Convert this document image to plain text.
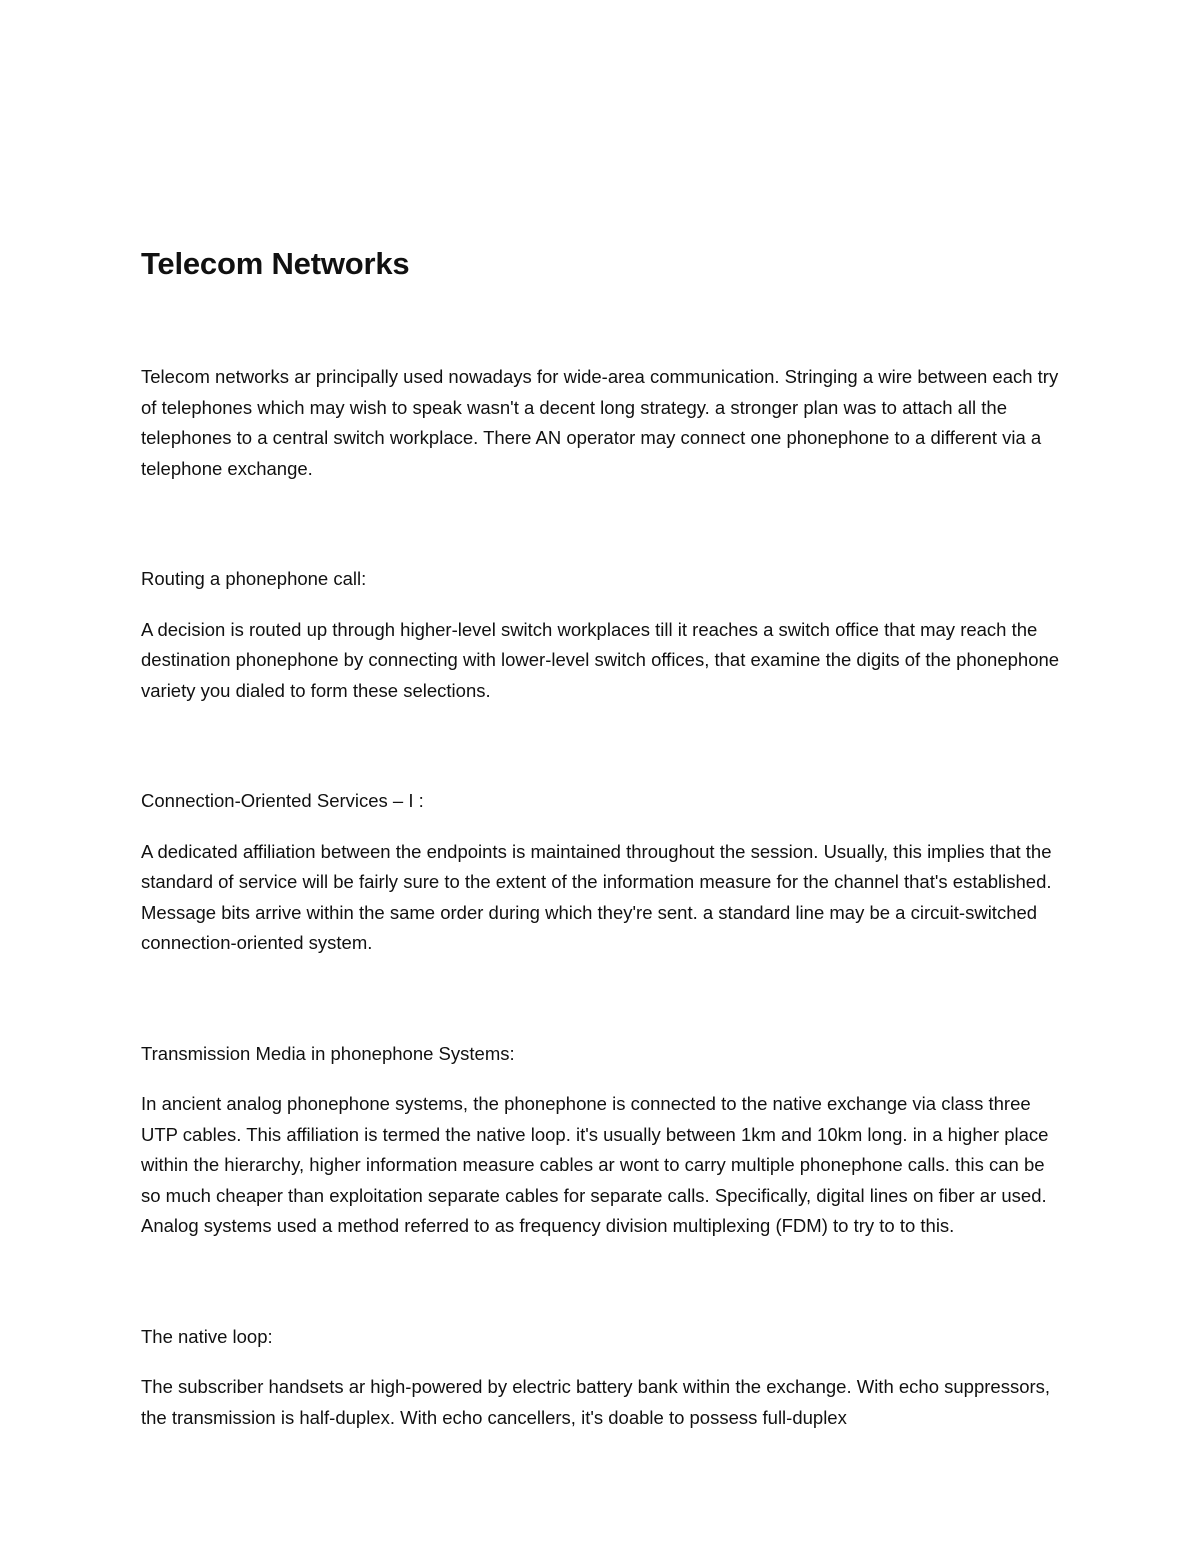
Telecom Networks

Telecom networks ar principally used nowadays for wide-area communication. Stringing a wire between each try of telephones which may wish to speak wasn't a decent long strategy. a stronger plan was to attach all the telephones to a central switch workplace. There AN operator may connect one phonephone to a different via a telephone exchange.

Routing a phonephone call:

A decision is routed up through higher-level switch workplaces till it reaches a switch office that may reach the destination phonephone by connecting with lower-level switch offices, that examine the digits of the phonephone variety you dialed to form these selections.

Connection-Oriented Services – I :

A dedicated affiliation between the endpoints is maintained throughout the session. Usually, this implies that the standard of service will be fairly sure to the extent of the information measure for the channel that's established. Message bits arrive within the same order during which they're sent. a standard line may be a circuit-switched connection-oriented system.

Transmission Media in phonephone Systems:

In ancient analog phonephone systems, the phonephone is connected to the native exchange via class three UTP cables. This affiliation is termed the native loop. it's usually between 1km and 10km long. in a higher place within the hierarchy, higher information measure cables ar wont to carry multiple phonephone calls. this can be so much cheaper than exploitation separate cables for separate calls. Specifically, digital lines on fiber ar used. Analog systems used a method referred to as frequency division multiplexing (FDM) to try to to this.

The native loop:

The subscriber handsets ar high-powered by electric battery bank within the exchange. With echo suppressors, the transmission is half-duplex. With echo cancellers, it's doable to possess full-duplex
